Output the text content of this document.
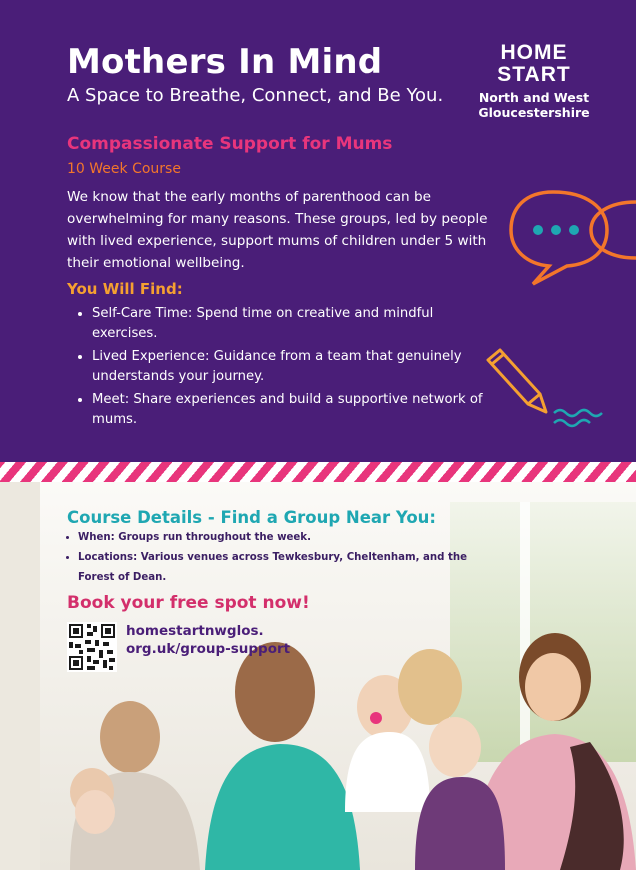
Mothers In Mind
A Space to Breathe, Connect, and Be You.
HOME
START
North and West
Gloucestershire
Compassionate Support for Mums
10 Week Course
We know that the early months of parenthood can be overwhelming for many reasons. These groups, led by people with lived experience, support mums of children under 5 with their emotional wellbeing.
You Will Find:
• Self-Care Time: Spend time on creative and mindful exercises.
• Lived Experience: Guidance from a team that genuinely understands your journey.
• Meet: Share experiences and build a supportive network of mums.
Course Details - Find a Group Near You:
• When: Groups run throughout the week.
• Locations: Various venues across Tewkesbury, Cheltenham, and the Forest of Dean.
Book your free spot now!
homestartnwglos.
org.uk/group-support
